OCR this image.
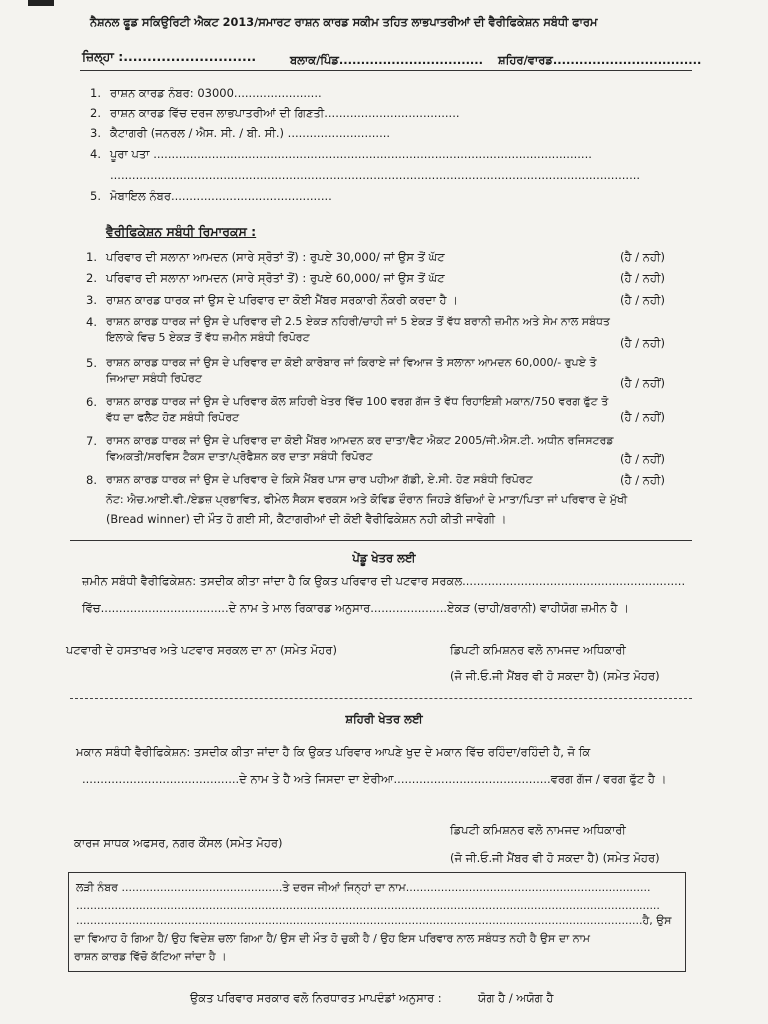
ਨੈਸ਼ਨਲ ਫੂਡ ਸਕਿਉਰਿਟੀ ਐਕਟ 2013/ਸਮਾਰਟ ਰਾਸ਼ਨ ਕਾਰਡ ਸਕੀਮ ਤਹਿਤ ਲਾਭਪਾਤਰੀਆਂ ਦੀ ਵੈਰੀਫਿਕੇਸ਼ਨ ਸਬੰਧੀ ਫਾਰਮ
ਜ਼ਿਲ੍ਹਾ :............................	ਬਲਾਕ/ਪਿੰਡ................................. ਸ਼ਹਿਰ/ਵਾਰਡ..................................
1. ਰਾਸ਼ਨ ਕਾਰਡ ਨੰਬਰ: 03000........................
2. ਰਾਸ਼ਨ ਕਾਰਡ ਵਿੱਚ ਦਰਜ ਲਾਭਪਾਤਰੀਆਂ ਦੀ ਗਿਣਤੀ.....................................
3. ਕੈਟਾਗਰੀ (ਜਨਰਲ / ਐਸ. ਸੀ. / ਬੀ. ਸੀ.) ............................
4. ਪੂਰਾ ਪਤਾ ........................................................................................................................
.................................................................................................................................................
5. ਮੋਬਾਇਲ ਨੰਬਰ............................................
ਵੈਰੀਫਿਕੇਸ਼ਨ ਸਬੰਧੀ ਰਿਮਾਰਕਸ :
1. ਪਰਿਵਾਰ ਦੀ ਸਲਾਨਾ ਆਮਦਨ (ਸਾਰੇ ਸ੍ਰੋਤਾਂ ਤੋਂ) : ਰੁਪਏ 30,000/ ਜਾਂ ਉਸ ਤੋਂ ਘੱਟ	(ਹੈ / ਨਹੀ)
2. ਪਰਿਵਾਰ ਦੀ ਸਲਾਨਾ ਆਮਦਨ (ਸਾਰੇ ਸ੍ਰੋਤਾਂ ਤੋਂ) : ਰੁਪਏ 60,000/ ਜਾਂ ਉਸ ਤੋਂ ਘੱਟ	(ਹੈ / ਨਹੀ)
3. ਰਾਸ਼ਨ ਕਾਰਡ ਧਾਰਕ ਜਾਂ ਉਸ ਦੇ ਪਰਿਵਾਰ ਦਾ ਕੋਈ ਮੈਂਬਰ ਸਰਕਾਰੀ ਨੌਕਰੀ ਕਰਦਾ ਹੈ ।	(ਹੈ / ਨਹੀ)
4. ਰਾਸ਼ਨ ਕਾਰਡ ਧਾਰਕ ਜਾਂ ਉਸ ਦੇ ਪਰਿਵਾਰ ਦੀ 2.5 ਏਕੜ ਨਹਿਰੀ/ਚਾਹੀ ਜਾਂ 5 ਏਕੜ ਤੋਂ ਵੱਧ ਬਰਾਨੀ ਜ਼ਮੀਨ ਅਤੇ ਸੇਮ ਨਾਲ ਸਬੰਧਤ
ਇਲਾਕੇ ਵਿਚ 5 ਏਕੜ ਤੋਂ ਵੱਧ ਜ਼ਮੀਨ ਸਬੰਧੀ ਰਿਪੋਰਟ	(ਹੈ / ਨਹੀ)
5. ਰਾਸ਼ਨ ਕਾਰਡ ਧਾਰਕ ਜਾਂ ਉਸ ਦੇ ਪਰਿਵਾਰ ਦਾ ਕੋਈ ਕਾਰੋਬਾਰ ਜਾਂ ਕਿਰਾਏ ਜਾਂ ਵਿਆਜ ਤੋ ਸਲਾਨਾ ਆਮਦਨ 60,000/- ਰੁਪਏ ਤੋ
ਜਿਆਦਾ ਸਬੰਧੀ ਰਿਪੋਰਟ	(ਹੈ / ਨਹੀਂ)
6. ਰਾਸ਼ਨ ਕਾਰਡ ਧਾਰਕ ਜਾਂ ਉਸ ਦੇ ਪਰਿਵਾਰ ਕੋਲ ਸ਼ਹਿਰੀ ਖੇਤਰ ਵਿੱਚ 100 ਵਰਗ ਗੱਜ ਤੋ ਵੱਧ ਰਿਹਾਇਸ਼ੀ ਮਕਾਨ/750 ਵਰਗ ਫੁੱਟ ਤੋ
ਵੱਧ ਦਾ ਫਲੈਟ ਹੋਣ ਸਬੰਧੀ ਰਿਪੋਰਟ	(ਹੈ / ਨਹੀਂ)
7. ਰਾਸਨ ਕਾਰਡ ਧਾਰਕ ਜਾਂ ਉਸ ਦੇ ਪਰਿਵਾਰ ਦਾ ਕੋਈ ਮੈਂਬਰ ਆਮਦਨ ਕਰ ਦਾਤਾ/ਵੈਟ ਐਕਟ 2005/ਜੀ.ਐਸ.ਟੀ. ਅਧੀਨ ਰਜਿਸਟਰਡ
ਵਿਅਕਤੀ/ਸਰਵਿਸ ਟੈਕਸ ਦਾਤਾ/ਪ੍ਰੋਫੈਸ਼ਨ ਕਰ ਦਾਤਾ ਸਬੰਧੀ ਰਿਪੋਰਟ	(ਹੈ / ਨਹੀਂ)
8. ਰਾਸ਼ਨ ਕਾਰਡ ਧਾਰਕ ਜਾਂ ਉਸ ਦੇ ਪਰਿਵਾਰ ਦੇ ਕਿਸੇ ਮੈਂਬਰ ਪਾਸ ਚਾਰ ਪਹੀਆ ਗੱਡੀ, ਏ.ਸੀ. ਹੋਣ ਸਬੰਧੀ ਰਿਪੋਰਟ	(ਹੈ / ਨਹੀ)
ਨੋਟ: ਐਚ.ਆਈ.ਵੀ./ਏਡਜ਼ ਪ੍ਰਭਾਵਿਤ, ਫੀਮੇਲ ਸੈਕਸ ਵਰਕਸ ਅਤੇ ਕੋਵਿਡ ਦੌਰਾਨ ਜਿਹੜੇ ਬੱਚਿਆਂ ਦੇ ਮਾਤਾ/ਪਿਤਾ ਜਾਂ ਪਰਿਵਾਰ ਦੇ ਮੁੱਖੀ
(Bread winner) ਦੀ ਮੌਤ ਹੋ ਗਈ ਸੀ, ਕੈਟਾਗਰੀਆਂ ਦੀ ਕੋਈ ਵੈਰੀਫਿਕੇਸ਼ਨ ਨਹੀ ਕੀਤੀ ਜਾਵੇਗੀ ।
ਪੇਂਡੂ ਖੇਤਰ ਲਈ
ਜ਼ਮੀਨ ਸਬੰਧੀ ਵੈਰੀਫਿਕੇਸ਼ਨ: ਤਸਦੀਕ ਕੀਤਾ ਜਾਂਦਾ ਹੈ ਕਿ ਉਕਤ ਪਰਿਵਾਰ ਦੀ ਪਟਵਾਰ ਸਰਕਲ.............................................................
ਵਿੱਚ...................................ਦੇ ਨਾਮ ਤੇ ਮਾਲ ਰਿਕਾਰਡ ਅਨੁਸਾਰ.....................ਏਕੜ (ਚਾਹੀ/ਬਰਾਨੀ) ਵਾਹੀਯੋਗ ਜ਼ਮੀਨ ਹੈ ।
ਪਟਵਾਰੀ ਦੇ ਹਸਤਾਖਰ ਅਤੇ ਪਟਵਾਰ ਸਰਕਲ ਦਾ ਨਾ (ਸਮੇਤ ਮੋਹਰ)	ਡਿਪਟੀ ਕਮਿਸ਼ਨਰ ਵਲੋ ਨਾਮਜਦ ਅਧਿਕਾਰੀ
(ਜੋ ਜੀ.ਓ.ਜੀ ਮੈਂਬਰ ਵੀ ਹੋ ਸਕਦਾ ਹੈ) (ਸਮੇਤ ਮੋਹਰ)
ਸ਼ਹਿਰੀ ਖੇਤਰ ਲਈ
ਮਕਾਨ ਸਬੰਧੀ ਵੈਰੀਫਿਕੇਸ਼ਨ: ਤਸਦੀਕ ਕੀਤਾ ਜਾਂਦਾ ਹੈ ਕਿ ਉਕਤ ਪਰਿਵਾਰ ਆਪਣੇ ਖੁਦ ਦੇ ਮਕਾਨ ਵਿੱਚ ਰਹਿੰਦਾ/ਰਹਿੰਦੀ ਹੈ, ਜੋ ਕਿ
...........................................ਦੇ ਨਾਮ ਤੇ ਹੈ ਅਤੇ ਜਿਸਦਾ ਦਾ ਏਰੀਆ...........................................ਵਰਗ ਗੱਜ / ਵਰਗ ਫੁੱਟ ਹੈ ।
ਡਿਪਟੀ ਕਮਿਸ਼ਨਰ ਵਲੋ ਨਾਮਜਦ ਅਧਿਕਾਰੀ
ਕਾਰਜ ਸਾਧਕ ਅਫਸਰ, ਨਗਰ ਕੌਂਸਲ (ਸਮੇਤ ਮੋਹਰ)
(ਜੋ ਜੀ.ਓ.ਜੀ ਮੈਂਬਰ ਵੀ ਹੋ ਸਕਦਾ ਹੈ) (ਸਮੇਤ ਮੋਹਰ)
ਲੜੀ ਨੰਬਰ ..............................................ਤੇ ਦਰਜ ਜੀਆਂ ਜਿਨ੍ਹਾਂ ਦਾ ਨਾਮ......................................................................
.......................................................................................................................................................................
..................................................................................................................................................................ਹੈ, ਉਸ
ਦਾ ਵਿਆਹ ਹੋ ਗਿਆ ਹੈ/ ਉਹ ਵਿਦੇਸ਼ ਚਲਾ ਗਿਆ ਹੈ/ ਉਸ ਦੀ ਮੌਤ ਹੋ ਚੁਕੀ ਹੈ / ਉਹ ਇਸ ਪਰਿਵਾਰ ਨਾਲ ਸਬੰਧਤ ਨਹੀ ਹੈ ਉਸ ਦਾ ਨਾਮ
ਰਾਸ਼ਨ ਕਾਰਡ ਵਿੱਚੋ ਕੱਟਿਆ ਜਾਂਦਾ ਹੈ ।
ਉਕਤ ਪਰਿਵਾਰ ਸਰਕਾਰ ਵਲੋ ਨਿਰਧਾਰਤ ਮਾਪਦੰਡਾਂ ਅਨੁਸਾਰ :	ਯੋਗ ਹੈ / ਅਯੋਗ ਹੈ
